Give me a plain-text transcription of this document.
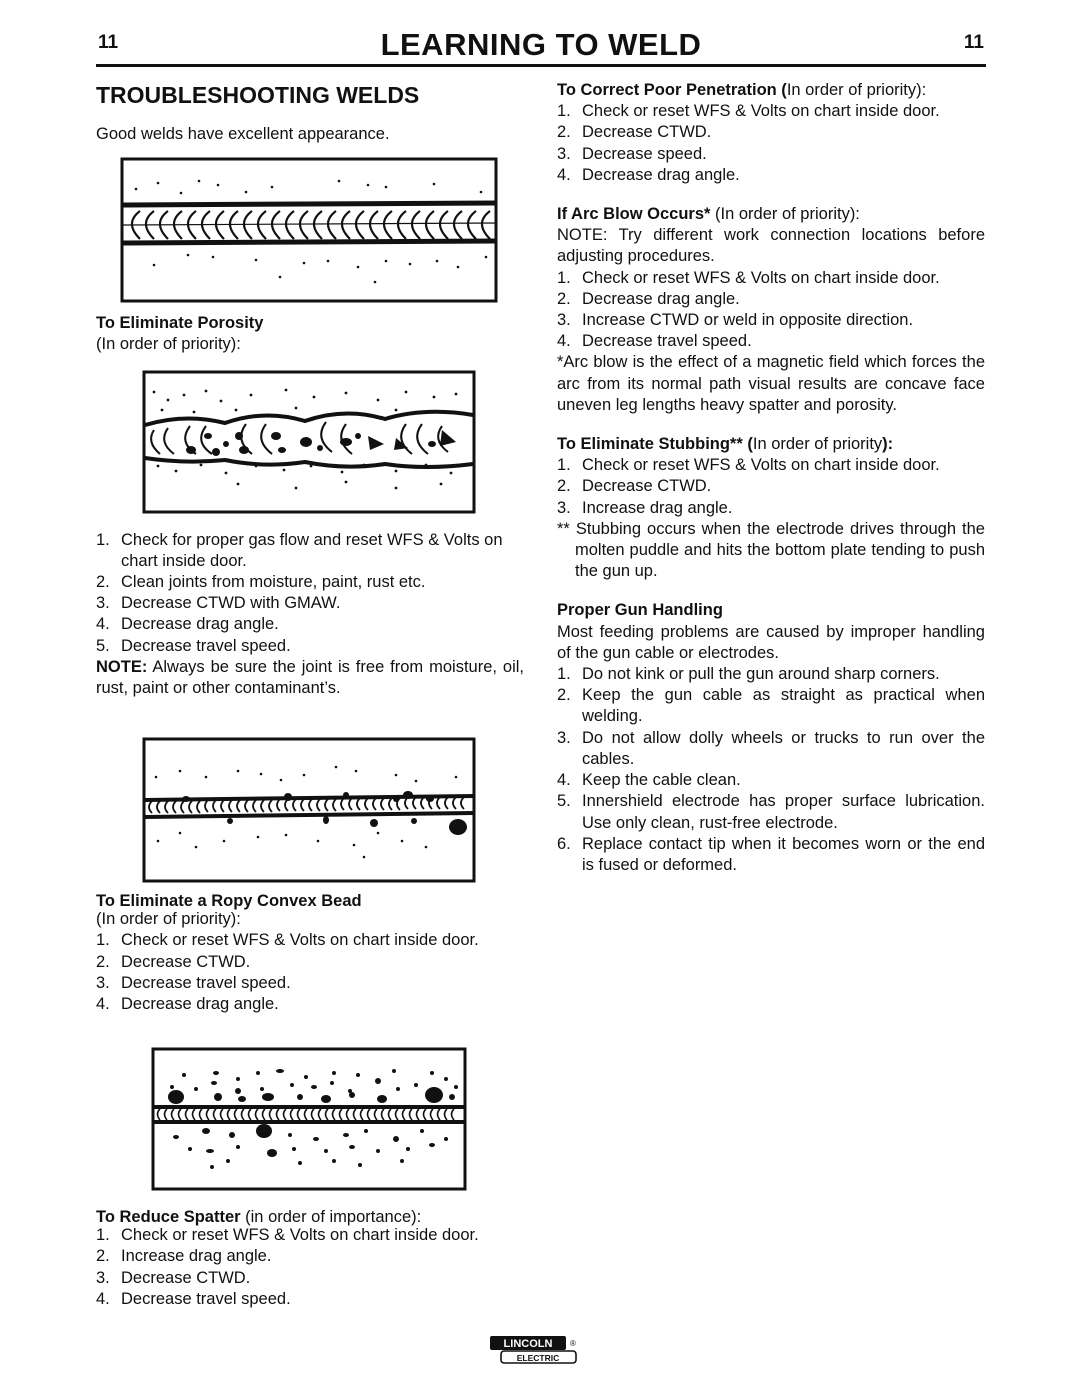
11	LEARNING TO WELD	11
TROUBLESHOOTING WELDS

Good welds have excellent appearance.

To Eliminate Porosity

(In order of priority):

1. Check for proper gas flow and reset WFS & Volts on chart inside door.
2. Clean joints from moisture, paint, rust etc.
3. Decrease CTWD with GMAW.
4. Decrease drag angle.
5. Decrease travel speed.

NOTE: Always be sure the joint is free from moisture, oil, rust, paint or other contaminant’s.

To Eliminate a Ropy Convex Bead

(In order of priority):

1. Check or reset WFS & Volts on chart inside door.
2. Decrease CTWD.
3. Decrease travel speed.
4. Decrease drag angle.

To Reduce Spatter (in order of importance):

1. Check or reset WFS & Volts on chart inside door.
2. Increase drag angle.
3. Decrease CTWD.
4. Decrease travel speed.

To Correct Poor Penetration (In order of priority):

1. Check or reset WFS & Volts on chart inside door.
2. Decrease CTWD.
3. Decrease speed.
4. Decrease drag angle.

If Arc Blow Occurs* (In order of priority):

NOTE: Try different work connection locations before adjusting procedures.

1. Check or reset WFS & Volts on chart inside door.
2. Decrease drag angle.
3. Increase CTWD or weld in opposite direction.
4. Decrease travel speed.

*Arc blow is the effect of a magnetic field which forces the arc from its normal path visual results are concave face uneven leg lengths heavy spatter and porosity.

To Eliminate Stubbing** (In order of priority):

1. Check or reset WFS & Volts on chart inside door.
2. Decrease CTWD.
3. Increase drag angle.

** Stubbing occurs when the electrode drives through the molten puddle and hits the bottom plate tending to push the gun up.

Proper Gun Handling

Most feeding problems are caused by improper handling of the gun cable or electrodes.

1. Do not kink or pull the gun around sharp corners.
2. Keep the gun cable as straight as practical when welding.
3. Do not allow dolly wheels or trucks to run over the cables.
4. Keep the cable clean.
5. Innershield electrode has proper surface lubrication. Use only clean, rust-free electrode.
6. Replace contact tip when it becomes worn or the end is fused or deformed.
LINCOLN
ELECTRIC
®
